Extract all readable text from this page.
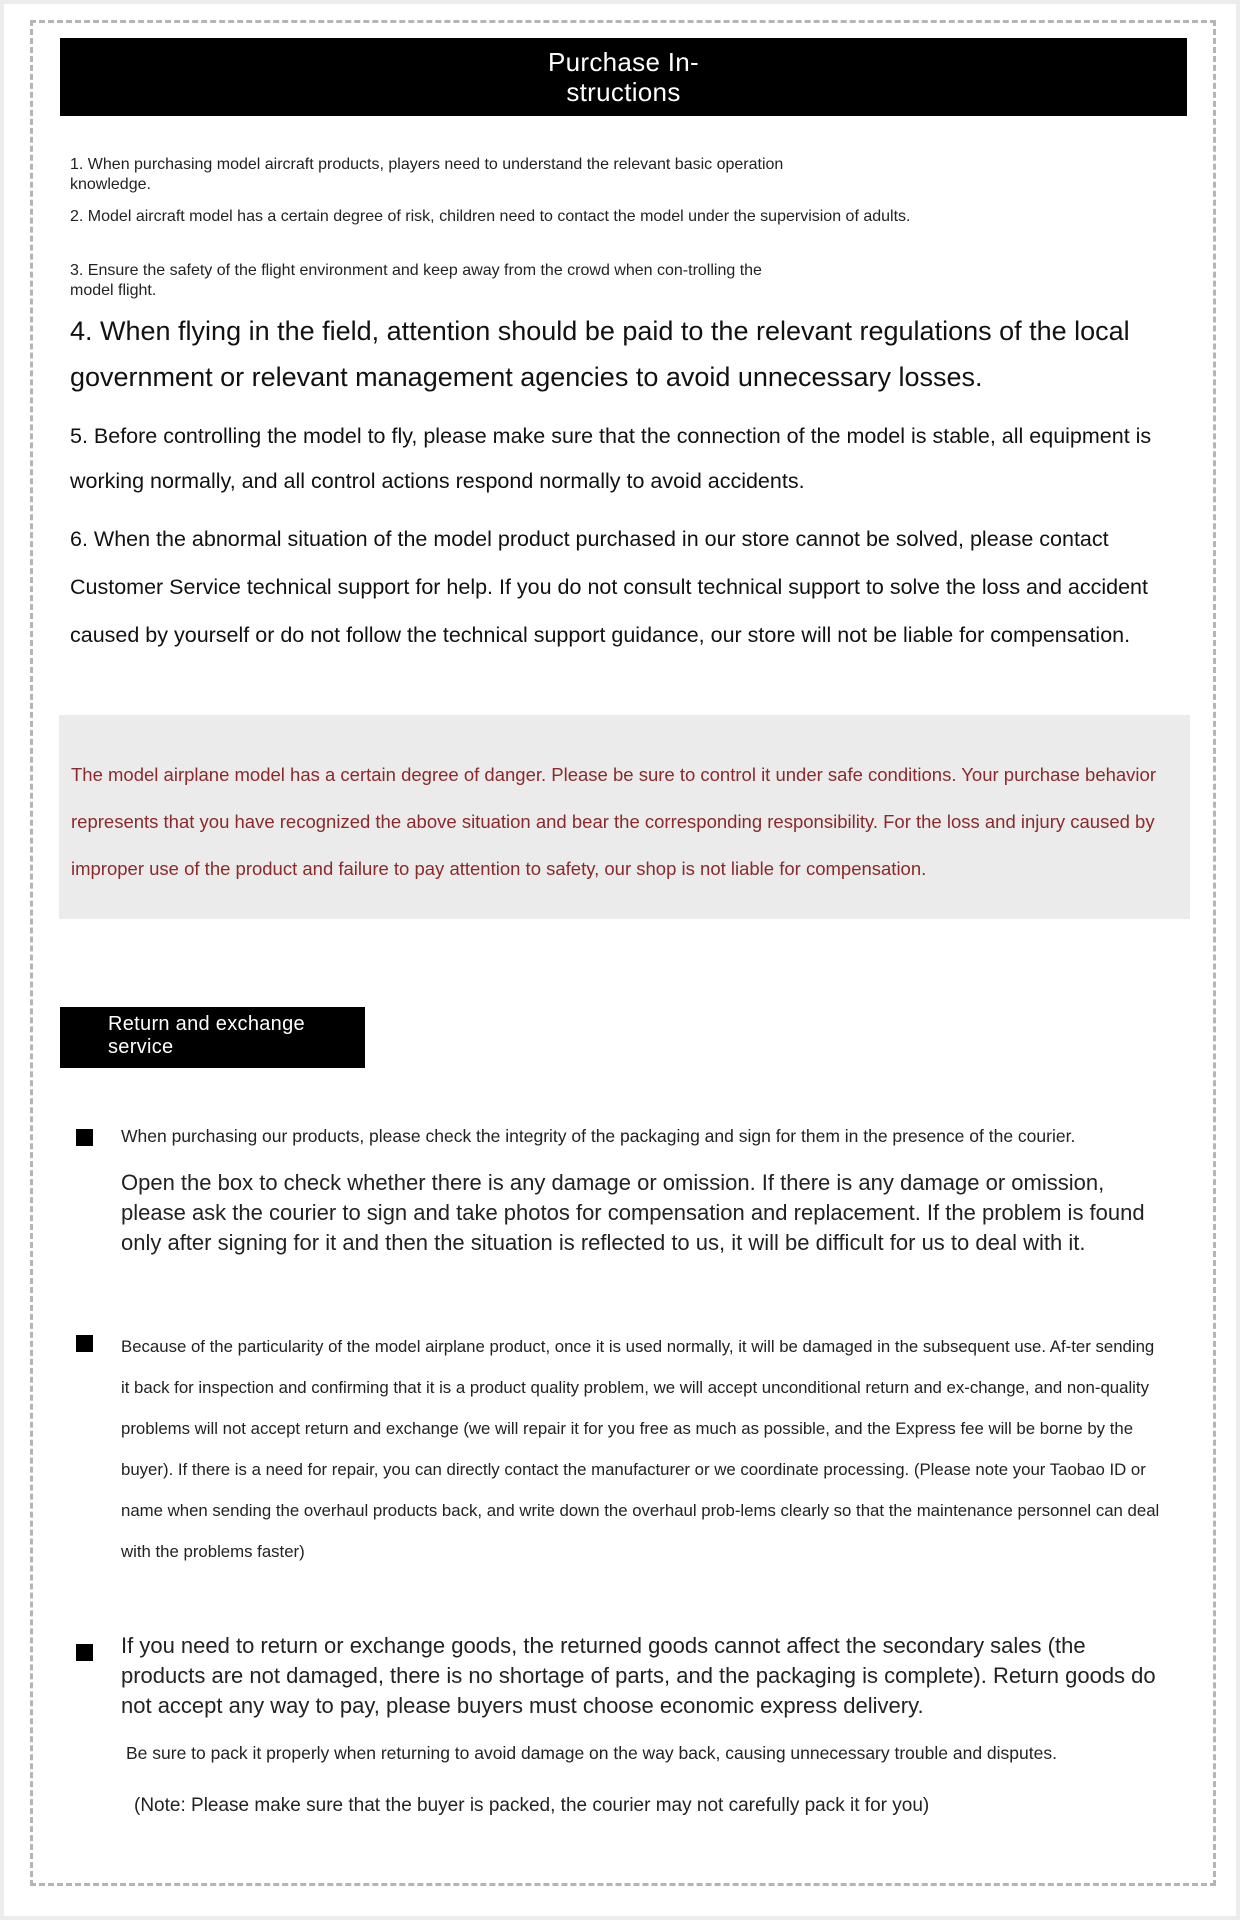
Purchase In-
structions

1. When purchasing model aircraft products, players need to understand the relevant basic operation knowledge.

2. Model aircraft model has a certain degree of risk, children need to contact the model under the supervision of adults.

3. Ensure the safety of the flight environment and keep away from the crowd when con-trolling the model flight.

4. When flying in the field, attention should be paid to the relevant regulations of the local government or relevant management agencies to avoid unnecessary losses.

5. Before controlling the model to fly, please make sure that the connection of the model is stable, all equipment is working normally, and all control actions respond normally to avoid accidents.

6. When the abnormal situation of the model product purchased in our store cannot be solved, please contact Customer Service technical support for help. If you do not consult technical support to solve the loss and accident caused by yourself or do not follow the technical support guidance, our store will not be liable for compensation.

The model airplane model has a certain degree of danger. Please be sure to control it under safe conditions. Your purchase behavior represents that you have recognized the above situation and bear the corresponding responsibility. For the loss and injury caused by improper use of the product and failure to pay attention to safety, our shop is not liable for compensation.

Return and exchange
service

When purchasing our products, please check the integrity of the packaging and sign for them in the presence of the courier.

Open the box to check whether there is any damage or omission. If there is any damage or omission, please ask the courier to sign and take photos for compensation and replacement. If the problem is found only after signing for it and then the situation is reflected to us, it will be difficult for us to deal with it.

Because of the particularity of the model airplane product, once it is used normally, it will be damaged in the subsequent use. Af-ter sending it back for inspection and confirming that it is a product quality problem, we will accept unconditional return and ex-change, and non-quality problems will not accept return and exchange (we will repair it for you free as much as possible, and the Express fee will be borne by the buyer). If there is a need for repair, you can directly contact the manufacturer or we coordinate processing. (Please note your Taobao ID or name when sending the overhaul products back, and write down the overhaul prob-lems clearly so that the maintenance personnel can deal with the problems faster)

If you need to return or exchange goods, the returned goods cannot affect the secondary sales (the products are not damaged, there is no shortage of parts, and the packaging is complete). Return goods do not accept any way to pay, please buyers must choose economic express delivery.

Be sure to pack it properly when returning to avoid damage on the way back, causing unnecessary trouble and disputes.

(Note: Please make sure that the buyer is packed, the courier may not carefully pack it for you)
